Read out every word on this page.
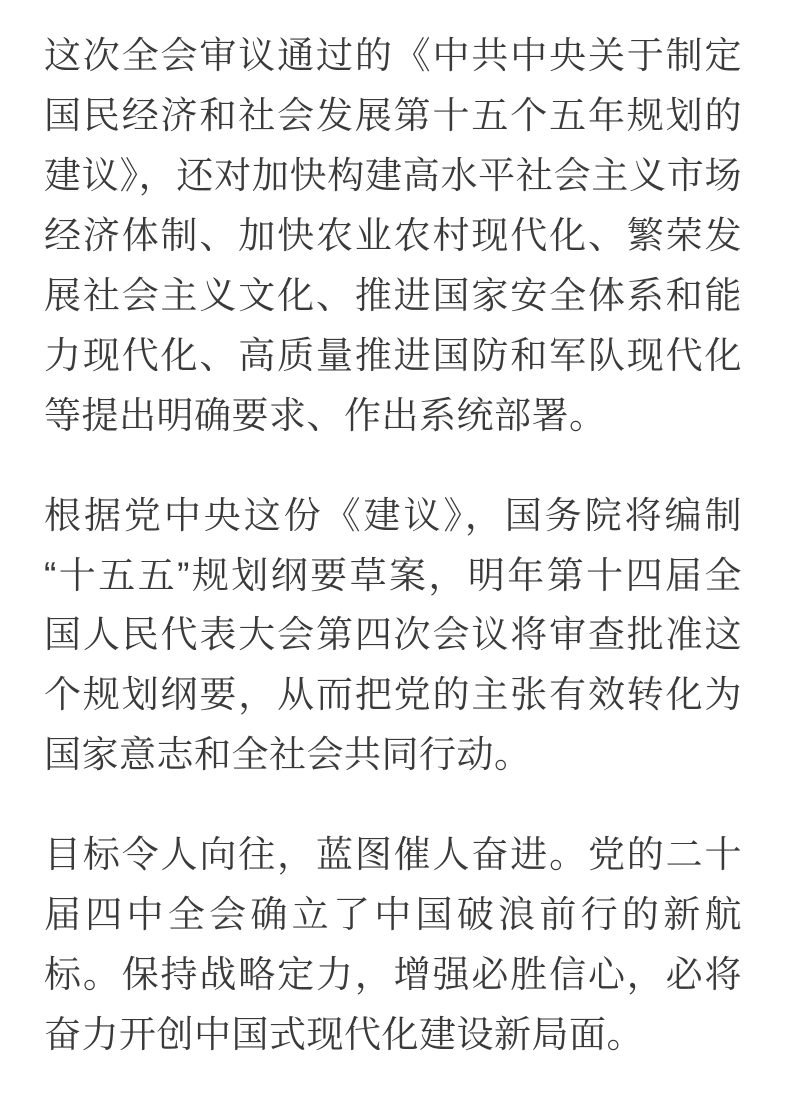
这次全会审议通过的《中共中央关于制定国民经济和社会发展第十五个五年规划的建议》，还对加快构建高水平社会主义市场经济体制、加快农业农村现代化、繁荣发展社会主义文化、推进国家安全体系和能力现代化、高质量推进国防和军队现代化等提出明确要求、作出系统部署。

根据党中央这份《建议》，国务院将编制“十五五”规划纲要草案，明年第十四届全国人民代表大会第四次会议将审查批准这个规划纲要，从而把党的主张有效转化为国家意志和全社会共同行动。

目标令人向往，蓝图催人奋进。党的二十届四中全会确立了中国破浪前行的新航标。保持战略定力，增强必胜信心，必将奋力开创中国式现代化建设新局面。
